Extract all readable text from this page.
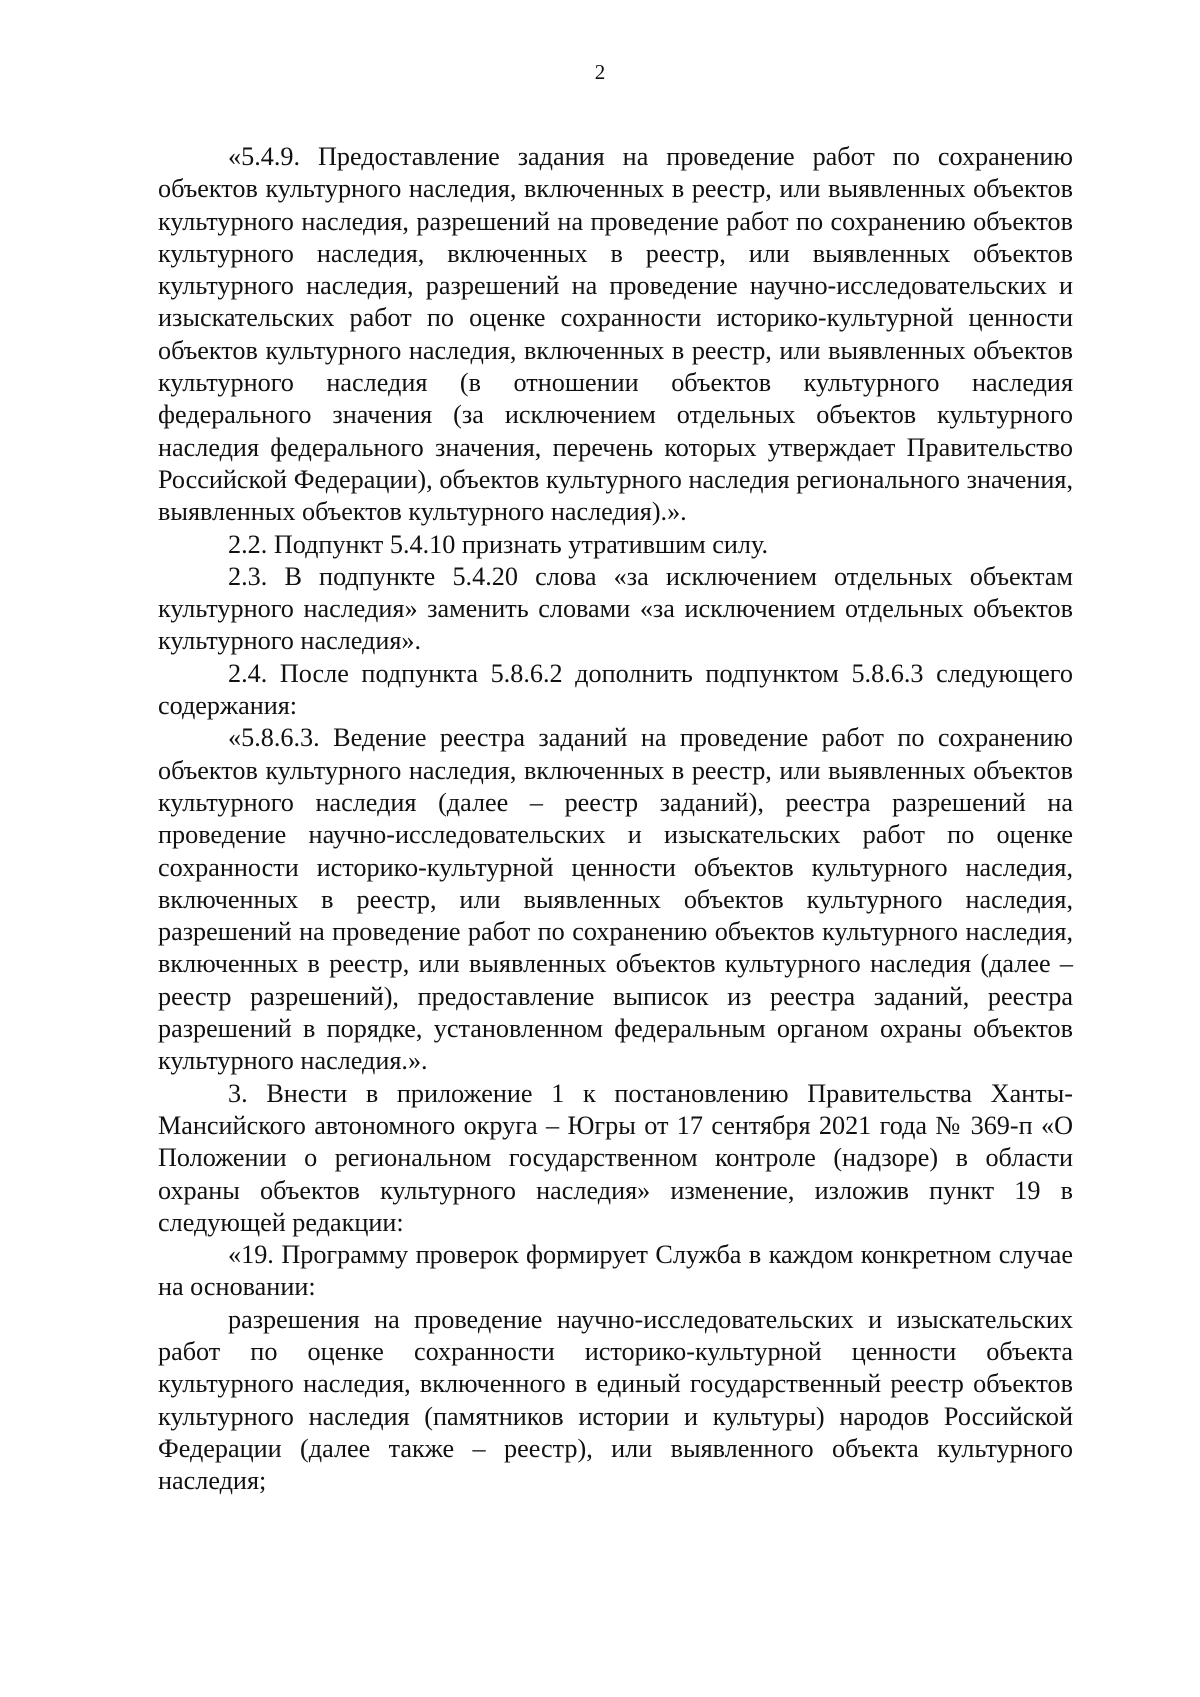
2

«5.4.9. Предоставление задания на проведение работ по сохранению объектов культурного наследия, включенных в реестр, или выявленных объектов культурного наследия, разрешений на проведение работ по сохранению объектов культурного наследия, включенных в реестр, или выявленных объектов культурного наследия, разрешений на проведение научно-исследовательских и изыскательских работ по оценке сохранности историко-культурной ценности объектов культурного наследия, включенных в реестр, или выявленных объектов культурного наследия (в отношении объектов культурного наследия федерального значения (за исключением отдельных объектов культурного наследия федерального значения, перечень которых утверждает Правительство Российской Федерации), объектов культурного наследия регионального значения, выявленных объектов культурного наследия).».

2.2. Подпункт 5.4.10 признать утратившим силу.

2.3. В подпункте 5.4.20 слова «за исключением отдельных объектам культурного наследия» заменить словами «за исключением отдельных объектов культурного наследия».

2.4. После подпункта 5.8.6.2 дополнить подпунктом 5.8.6.3 следующего содержания:

«5.8.6.3. Ведение реестра заданий на проведение работ по сохранению объектов культурного наследия, включенных в реестр, или выявленных объектов культурного наследия (далее – реестр заданий), реестра разрешений на проведение научно-исследовательских и изыскательских работ по оценке сохранности историко-культурной ценности объектов культурного наследия, включенных в реестр, или выявленных объектов культурного наследия, разрешений на проведение работ по сохранению объектов культурного наследия, включенных в реестр, или выявленных объектов культурного наследия (далее – реестр разрешений), предоставление выписок из реестра заданий, реестра разрешений в порядке, установленном федеральным органом охраны объектов культурного наследия.».

3. Внести в приложение 1 к постановлению Правительства Ханты-Мансийского автономного округа – Югры от 17 сентября 2021 года № 369-п «О Положении о региональном государственном контроле (надзоре) в области охраны объектов культурного наследия» изменение, изложив пункт 19 в следующей редакции:

«19. Программу проверок формирует Служба в каждом конкретном случае на основании:

разрешения на проведение научно-исследовательских и изыскательских работ по оценке сохранности историко-культурной ценности объекта культурного наследия, включенного в единый государственный реестр объектов культурного наследия (памятников истории и культуры) народов Российской Федерации (далее также – реестр), или выявленного объекта культурного наследия;
